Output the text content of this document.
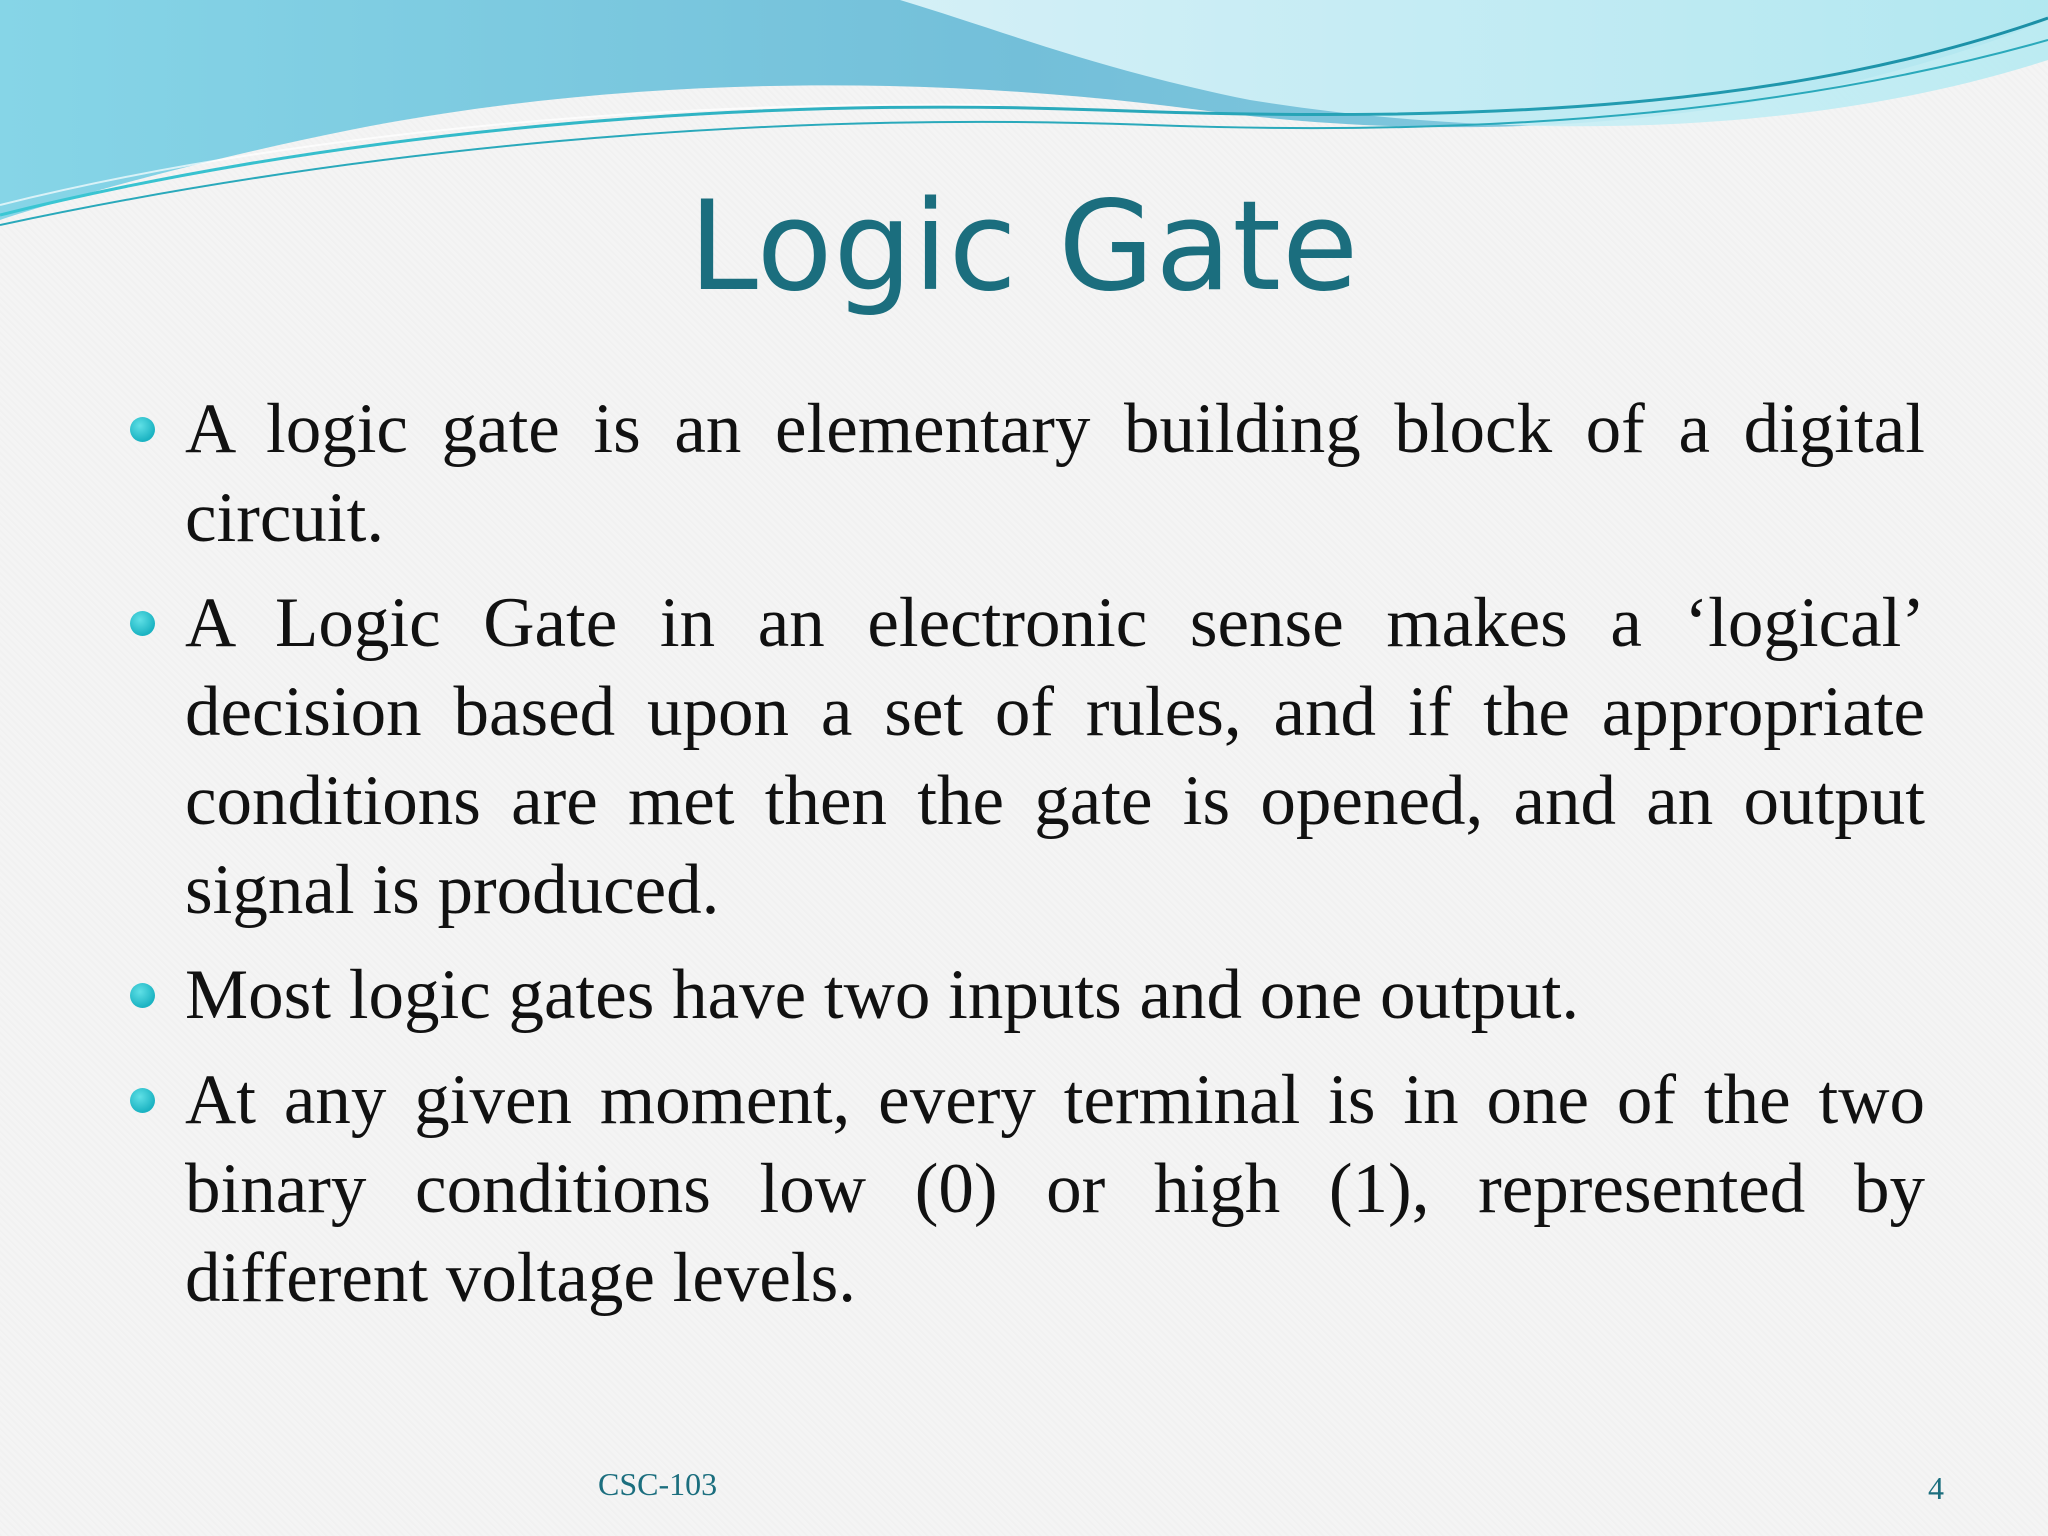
Logic Gate
A logic gate is an elementary building block of a digital circuit.
A Logic Gate in an electronic sense makes a ‘logical’ decision based upon a set of rules, and if the appropriate conditions are met then the gate is opened, and an output signal is produced.
Most logic gates have two inputs and one output.
At any given moment, every terminal is in one of the two binary conditions low (0) or high (1), represented by different voltage levels.
CSC-103	4
